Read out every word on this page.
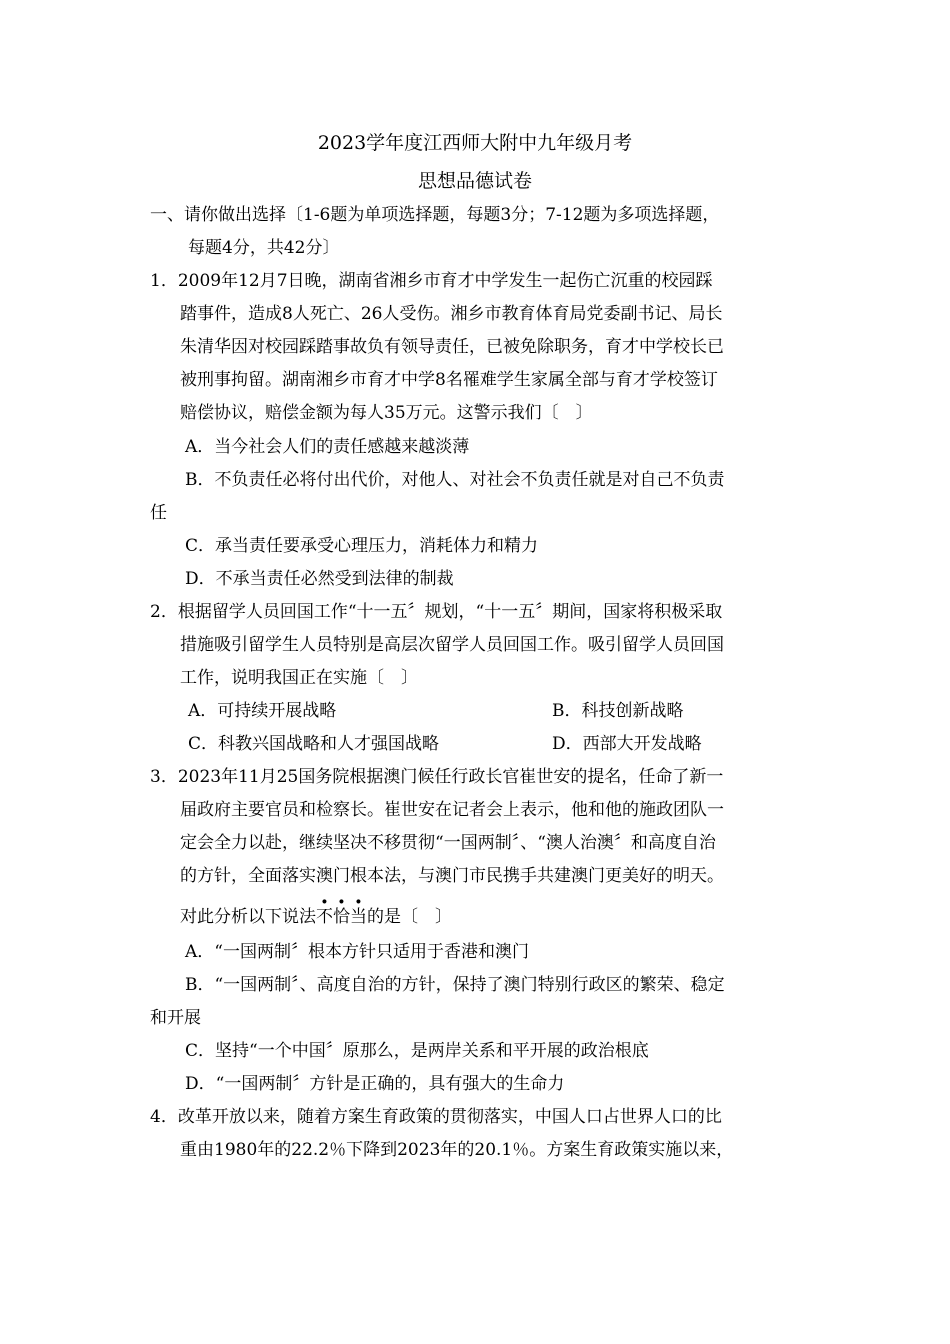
2023学年度江西师大附中九年级月考
思想品德试卷
一、请你做出选择〔1-6题为单项选择题，每题3分；7-12题为多项选择题，
每题4分，共42分〕
1．2009年12月7日晚，湖南省湘乡市育才中学发生一起伤亡沉重的校园踩
踏事件，造成8人死亡、26人受伤。湘乡市教育体育局党委副书记、局长
朱清华因对校园踩踏事故负有领导责任，已被免除职务，育才中学校长已
被刑事拘留。湖南湘乡市育才中学8名罹难学生家属全部与育才学校签订
赔偿协议，赔偿金额为每人35万元。这警示我们〔　〕
A．当今社会人们的责任感越来越淡薄
B．不负责任必将付出代价，对他人、对社会不负责任就是对自己不负责
任
C．承当责任要承受心理压力，消耗体力和精力
D．不承当责任必然受到法律的制裁
2．根据留学人员回国工作“十一五〞规划，“十一五〞期间，国家将积极采取
措施吸引留学生人员特别是高层次留学人员回国工作。吸引留学人员回国
工作，说明我国正在实施〔　〕
A．可持续开展战略	B．科技创新战略
C．科教兴国战略和人才强国战略	D．西部大开发战略
3．2023年11月25国务院根据澳门候任行政长官崔世安的提名，任命了新一
届政府主要官员和检察长。崔世安在记者会上表示，他和他的施政团队一
定会全力以赴，继续坚决不移贯彻“一国两制〞、“澳人治澳〞和高度自治
的方针，全面落实澳门根本法，与澳门市民携手共建澳门更美好的明天。
对此分析以下说法不恰当的是〔　〕
A．“一国两制〞根本方针只适用于香港和澳门
B．“一国两制〞、高度自治的方针，保持了澳门特别行政区的繁荣、稳定
和开展
C．坚持“一个中国〞原那么，是两岸关系和平开展的政治根底
D．“一国两制〞方针是正确的，具有强大的生命力
4．改革开放以来，随着方案生育政策的贯彻落实，中国人口占世界人口的比
重由1980年的22.2％下降到2023年的20.1％。方案生育政策实施以来，
